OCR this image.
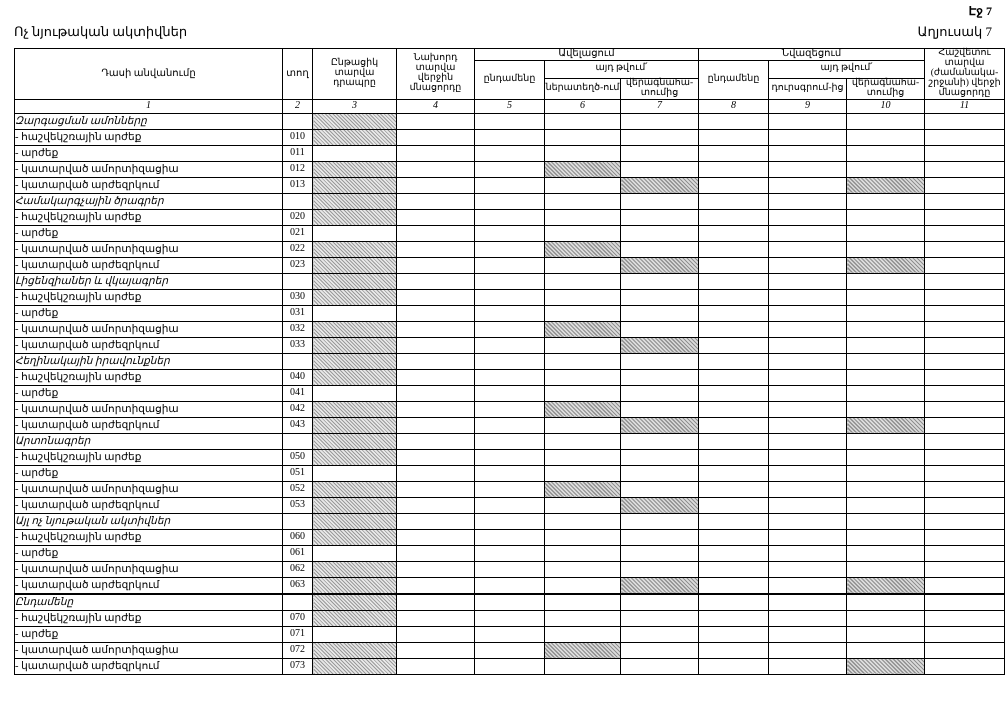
Էջ 7
Ոչ նյութական ակտիվներ	Աղյուսակ 7
Դասի անվանումը	տող	Ընթացիկ տարվա դրապրը	Նախորդ տարվա վերջին մնացորդը	Ավելացում			Նվազեցում			Հաշվետու տարվա (ժամանակա-շրջանի) վերջի մնացորդը
				ընդամենը	այդ թվում՛		ընդամենը	այդ թվում՛		
					ներատեղծ-ում	վերագնահա-տումից		դուրսգրում-ից	վերագնահա-տումից	
1	2	3	4	5	6	7	8	9	10	11
Զարգացման ամոնները										
- հաշվեկշռային արժեք	010									
- արժեք	011									
- կատարված ամորտիզացիա	012									
- կատարված արժեզրկում	013									
Համակարգչային ծրագրեր										
- հաշվեկշռային արժեք	020									
- արժեք	021									
- կատարված ամորտիզացիա	022									
- կատարված արժեզրկում	023									
Լիցենզիաներ և վկայագրեր										
- հաշվեկշռային արժեք	030									
- արժեք	031									
- կատարված ամորտիզացիա	032									
- կատարված արժեզրկում	033									
Հեղինակային իրավունքներ										
- հաշվեկշռային արժեք	040									
- արժեք	041									
- կատարված ամորտիզացիա	042									
- կատարված արժեզրկում	043									
Արտոնագրեր										
- հաշվեկշռային արժեք	050									
- արժեք	051									
- կատարված ամորտիզացիա	052									
- կատարված արժեզրկում	053									
Այլ ոչ նյութական ակտիվներ										
- հաշվեկշռային արժեք	060									
- արժեք	061									
- կատարված ամորտիզացիա	062									
- կատարված արժեզրկում	063									
Ընդամենը										
- հաշվեկշռային արժեք	070									
- արժեք	071									
- կատարված ամորտիզացիա	072									
- կատարված արժեզրկում	073									
